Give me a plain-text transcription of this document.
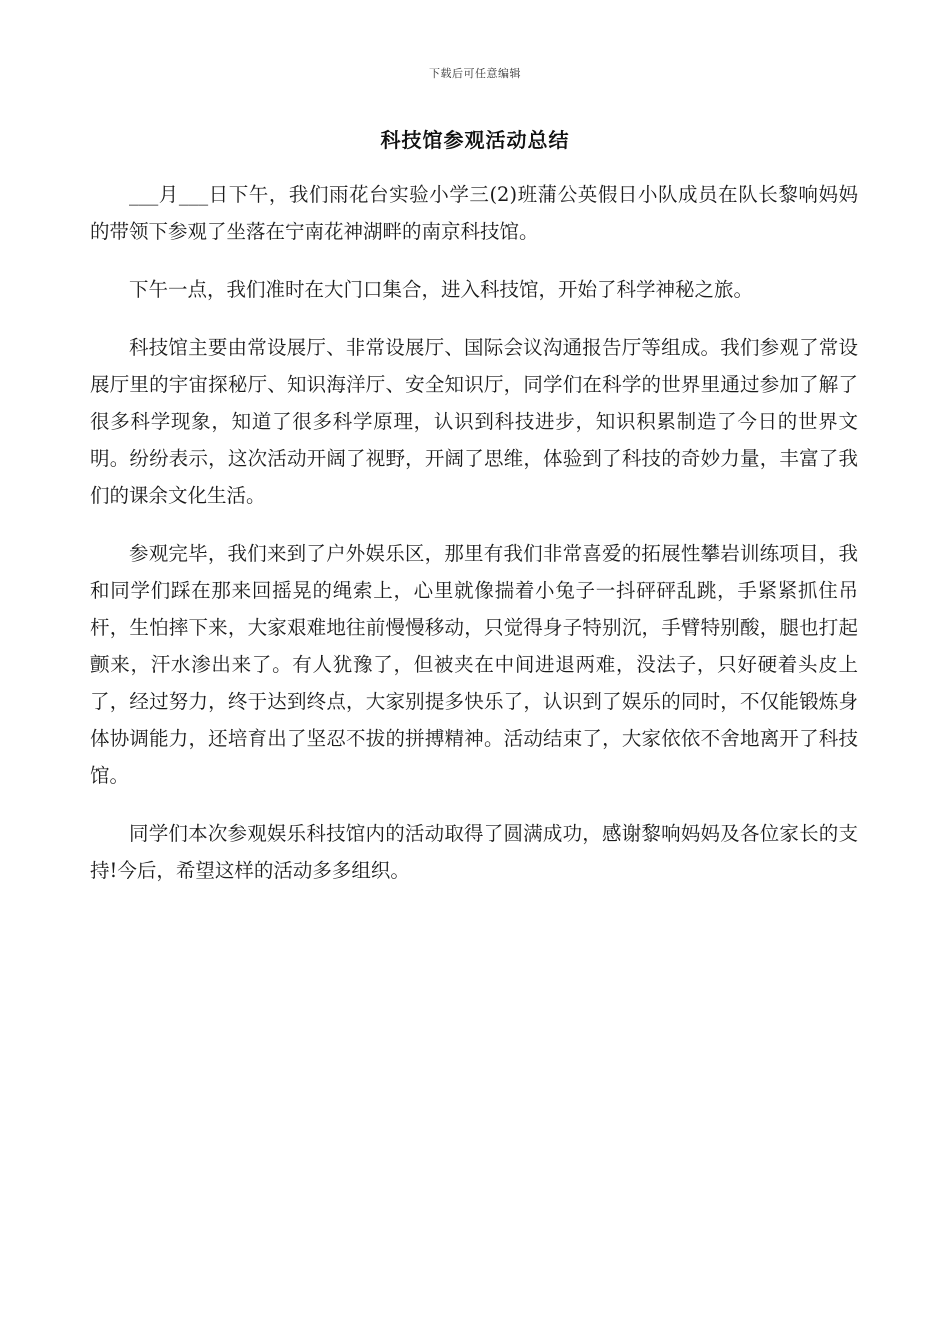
下载后可任意编辑
科技馆参观活动总结

___月___日下午，我们雨花台实验小学三(2)班蒲公英假日小队成员在队长黎响妈妈的带领下参观了坐落在宁南花神湖畔的南京科技馆。

下午一点，我们准时在大门口集合，进入科技馆，开始了科学神秘之旅。

科技馆主要由常设展厅、非常设展厅、国际会议沟通报告厅等组成。我们参观了常设展厅里的宇宙探秘厅、知识海洋厅、安全知识厅，同学们在科学的世界里通过参加了解了很多科学现象，知道了很多科学原理，认识到科技进步，知识积累制造了今日的世界文明。纷纷表示，这次活动开阔了视野，开阔了思维，体验到了科技的奇妙力量，丰富了我们的课余文化生活。

参观完毕，我们来到了户外娱乐区，那里有我们非常喜爱的拓展性攀岩训练项目，我和同学们踩在那来回摇晃的绳索上，心里就像揣着小兔子一抖砰砰乱跳，手紧紧抓住吊杆，生怕摔下来，大家艰难地往前慢慢移动，只觉得身子特别沉，手臂特别酸，腿也打起颤来，汗水渗出来了。有人犹豫了，但被夹在中间进退两难，没法子，只好硬着头皮上了，经过努力，终于达到终点，大家别提多快乐了，认识到了娱乐的同时，不仅能锻炼身体协调能力，还培育出了坚忍不拔的拼搏精神。活动结束了，大家依依不舍地离开了科技馆。

同学们本次参观娱乐科技馆内的活动取得了圆满成功，感谢黎响妈妈及各位家长的支持!今后，希望这样的活动多多组织。
